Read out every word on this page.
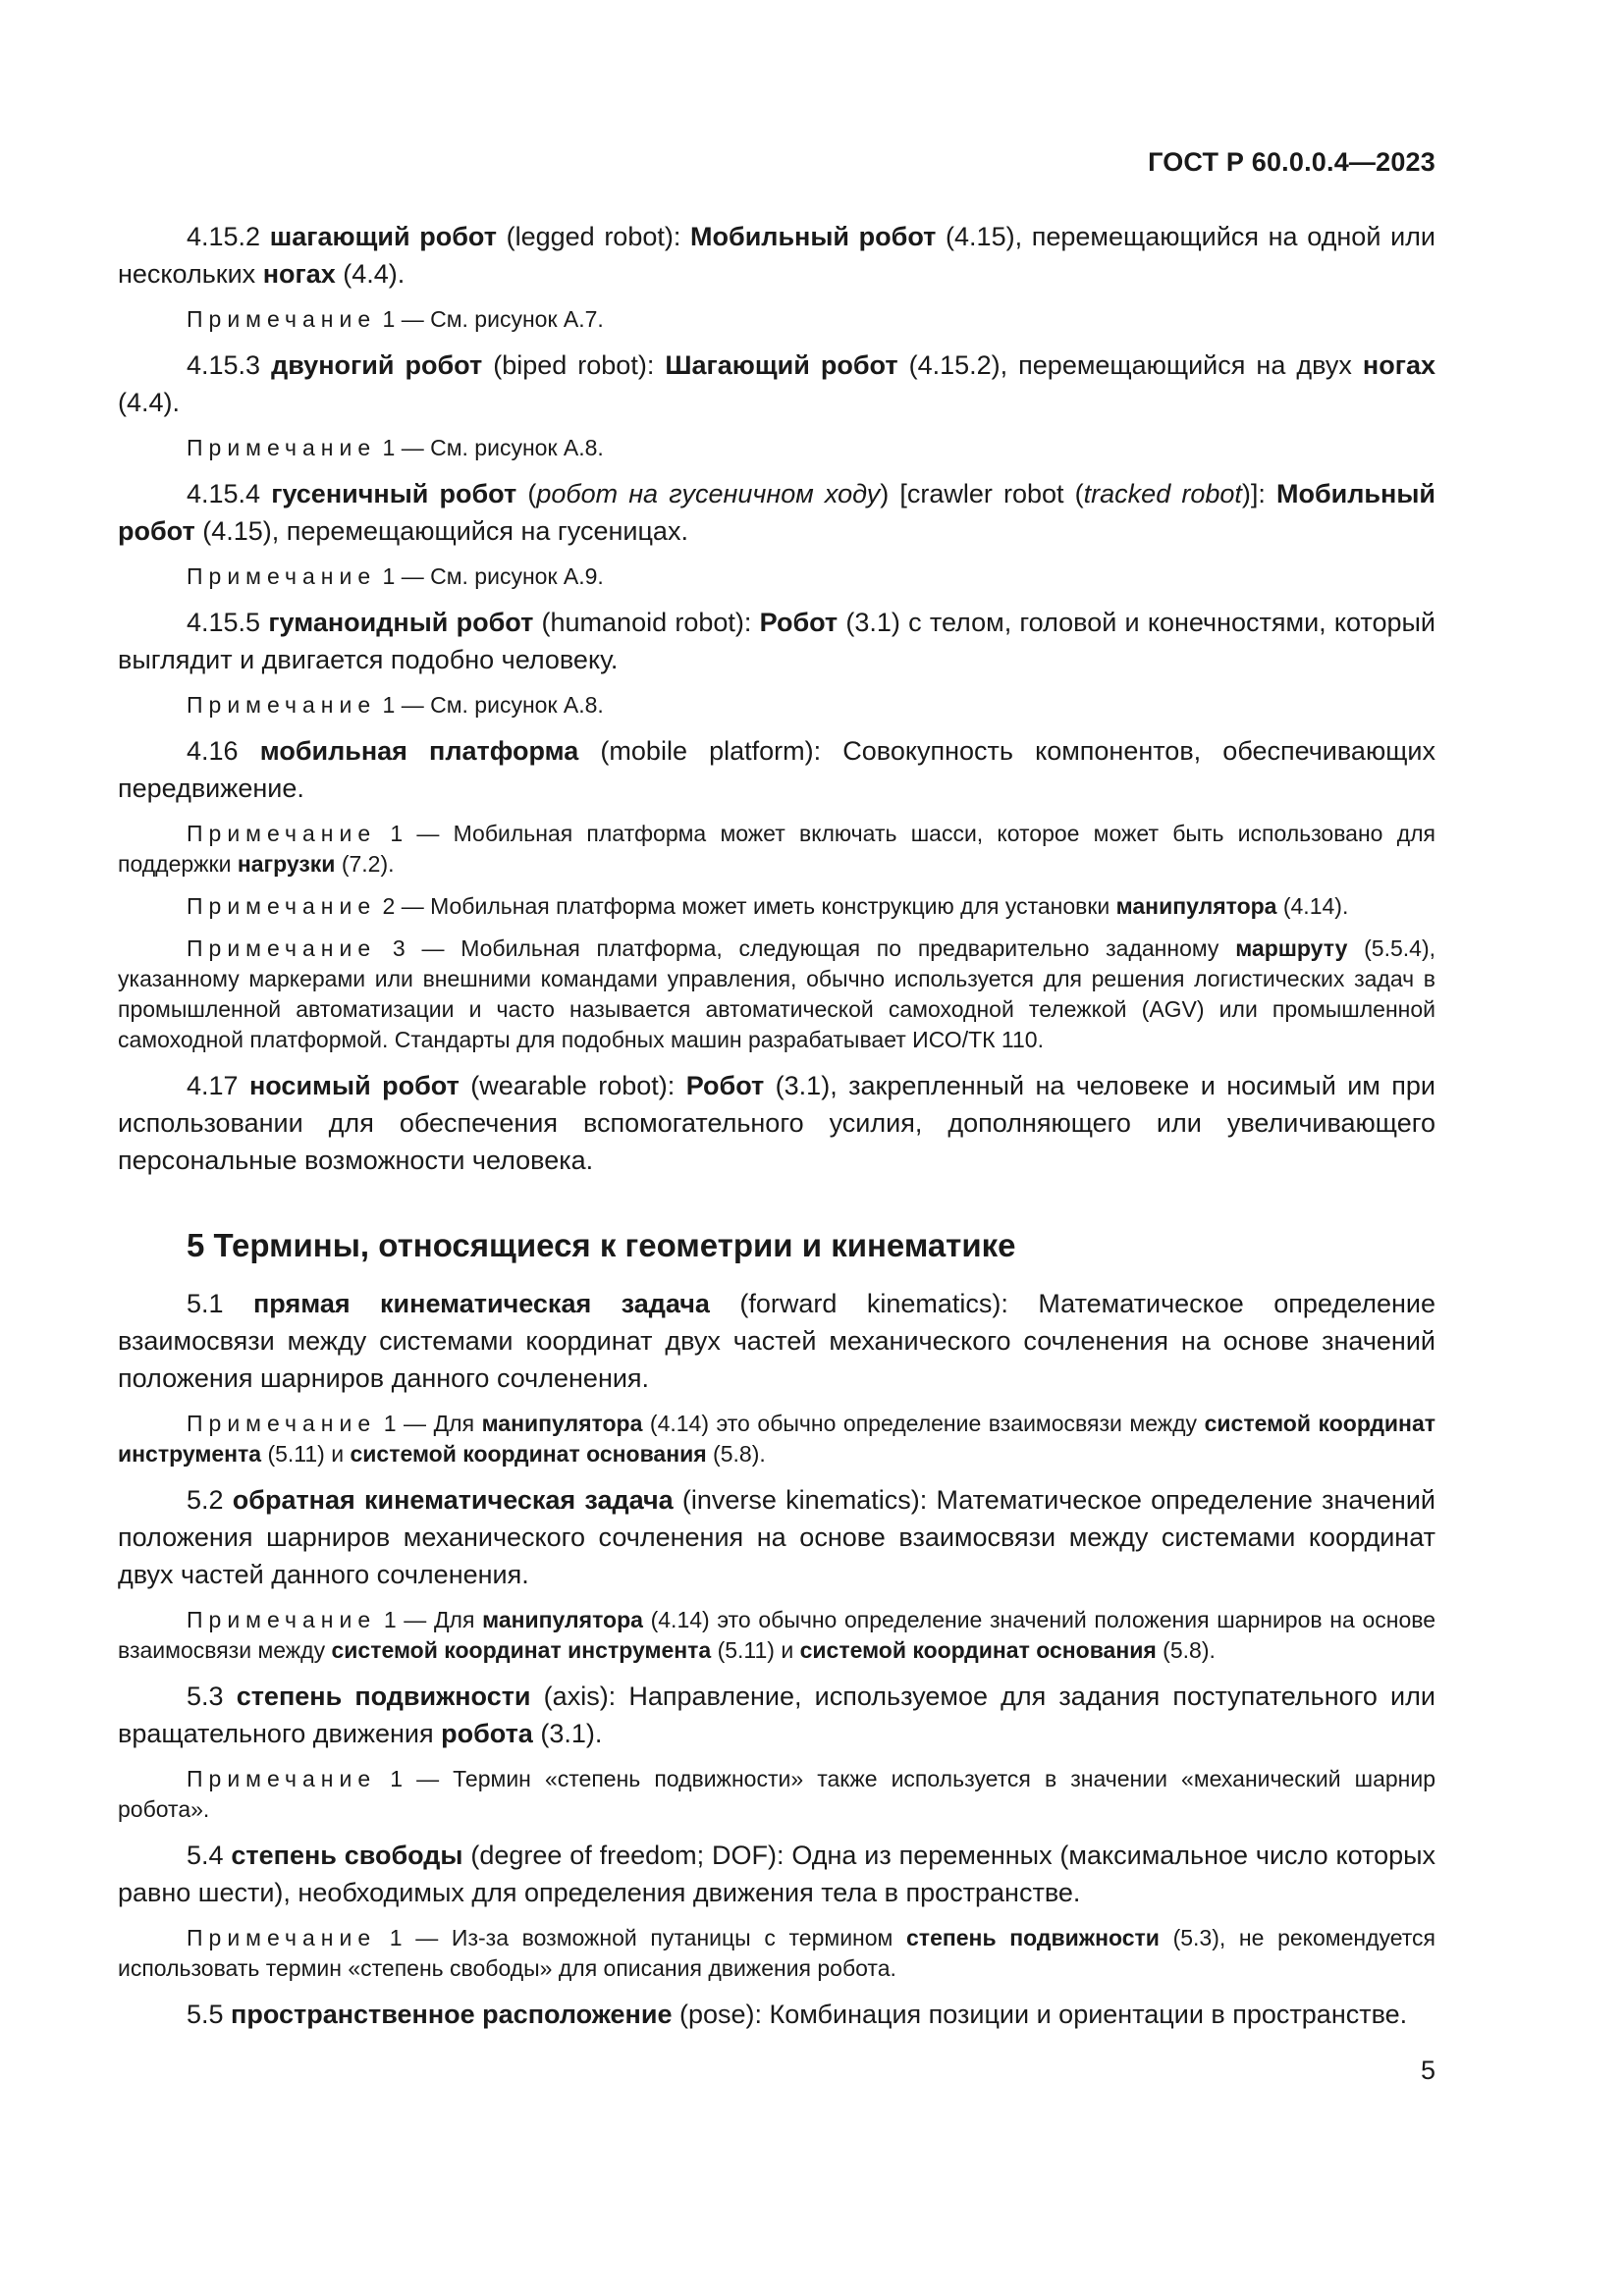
ГОСТ Р 60.0.0.4—2023
4.15.2 шагающий робот (legged robot): Мобильный робот (4.15), перемещающийся на одной или нескольких ногах (4.4).
Примечание 1 — См. рисунок А.7.
4.15.3 двуногий робот (biped robot): Шагающий робот (4.15.2), перемещающийся на двух ногах (4.4).
Примечание 1 — См. рисунок А.8.
4.15.4 гусеничный робот (робот на гусеничном ходу) [crawler robot (tracked robot)]: Мобильный робот (4.15), перемещающийся на гусеницах.
Примечание 1 — См. рисунок А.9.
4.15.5 гуманоидный робот (humanoid robot): Робот (3.1) с телом, головой и конечностями, который выглядит и двигается подобно человеку.
Примечание 1 — См. рисунок А.8.
4.16 мобильная платформа (mobile platform): Совокупность компонентов, обеспечивающих передвижение.
Примечание 1 — Мобильная платформа может включать шасси, которое может быть использовано для поддержки нагрузки (7.2).
Примечание 2 — Мобильная платформа может иметь конструкцию для установки манипулятора (4.14).
Примечание 3 — Мобильная платформа, следующая по предварительно заданному маршруту (5.5.4), указанному маркерами или внешними командами управления, обычно используется для решения логистических задач в промышленной автоматизации и часто называется автоматической самоходной тележкой (AGV) или промышленной самоходной платформой. Стандарты для подобных машин разрабатывает ИСО/ТК 110.
4.17 носимый робот (wearable robot): Робот (3.1), закрепленный на человеке и носимый им при использовании для обеспечения вспомогательного усилия, дополняющего или увеличивающего персональные возможности человека.
5 Термины, относящиеся к геометрии и кинематике
5.1 прямая кинематическая задача (forward kinematics): Математическое определение взаимосвязи между системами координат двух частей механического сочленения на основе значений положения шарниров данного сочленения.
Примечание 1 — Для манипулятора (4.14) это обычно определение взаимосвязи между системой координат инструмента (5.11) и системой координат основания (5.8).
5.2 обратная кинематическая задача (inverse kinematics): Математическое определение значений положения шарниров механического сочленения на основе взаимосвязи между системами координат двух частей данного сочленения.
Примечание 1 — Для манипулятора (4.14) это обычно определение значений положения шарниров на основе взаимосвязи между системой координат инструмента (5.11) и системой координат основания (5.8).
5.3 степень подвижности (axis): Направление, используемое для задания поступательного или вращательного движения робота (3.1).
Примечание 1 — Термин «степень подвижности» также используется в значении «механический шарнир робота».
5.4 степень свободы (degree of freedom; DOF): Одна из переменных (максимальное число которых равно шести), необходимых для определения движения тела в пространстве.
Примечание 1 — Из-за возможной путаницы с термином степень подвижности (5.3), не рекомендуется использовать термин «степень свободы» для описания движения робота.
5.5 пространственное расположение (pose): Комбинация позиции и ориентации в пространстве.
5
